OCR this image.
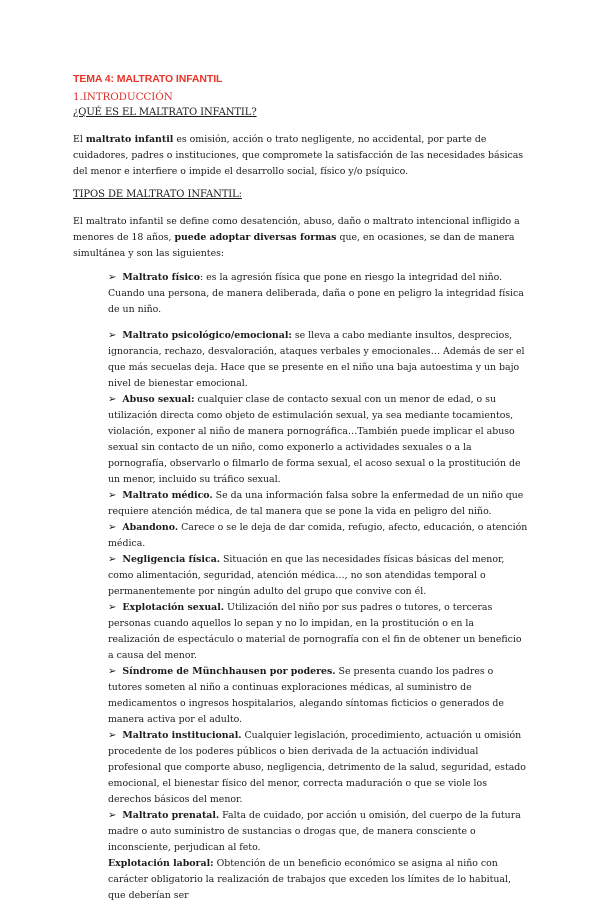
TEMA 4: MALTRATO INFANTIL
1.INTRODUCCIÓN
¿QUÉ ES EL MALTRATO INFANTIL?

El maltrato infantil es omisión, acción o trato negligente, no accidental, por parte de cuidadores, padres o instituciones, que compromete la satisfacción de las necesidades básicas del menor e interfiere o impide el desarrollo social, físico y/o psíquico.

TIPOS DE MALTRATO INFANTIL:

El maltrato infantil se define como desatención, abuso, daño o maltrato intencional infligido a menores de 18 años, puede adoptar diversas formas que, en ocasiones, se dan de manera simultánea y son las siguientes:

➢ Maltrato físico: es la agresión física que pone en riesgo la integridad del niño. Cuando una persona, de manera deliberada, daña o pone en peligro la integridad física de un niño.

➢ Maltrato psicológico/emocional: se lleva a cabo mediante insultos, desprecios, ignorancia, rechazo, desvaloración, ataques verbales y emocionales… Además de ser el que más secuelas deja. Hace que se presente en el niño una baja autoestima y un bajo nivel de bienestar emocional.

➢ Abuso sexual: cualquier clase de contacto sexual con un menor de edad, o su utilización directa como objeto de estimulación sexual, ya sea mediante tocamientos, violación, exponer al niño de manera pornográfica…También puede implicar el abuso sexual sin contacto de un niño, como exponerlo a actividades sexuales o a la pornografía, observarlo o filmarlo de forma sexual, el acoso sexual o la prostitución de un menor, incluido su tráfico sexual.

➢ Maltrato médico. Se da una información falsa sobre la enfermedad de un niño que requiere atención médica, de tal manera que se pone la vida en peligro del niño.

➢ Abandono. Carece o se le deja de dar comida, refugio, afecto, educación, o atención médica.

➢ Negligencia física. Situación en que las necesidades físicas básicas del menor, como alimentación, seguridad, atención médica…, no son atendidas temporal o permanentemente por ningún adulto del grupo que convive con él.

➢ Explotación sexual. Utilización del niño por sus padres o tutores, o terceras personas cuando aquellos lo sepan y no lo impidan, en la prostitución o en la realización de espectáculo o material de pornografía con el fin de obtener un beneficio a causa del menor.

➢ Síndrome de Münchhausen por poderes. Se presenta cuando los padres o tutores someten al niño a continuas exploraciones médicas, al suministro de medicamentos o ingresos hospitalarios, alegando síntomas ficticios o generados de manera activa por el adulto.

➢ Maltrato institucional. Cualquier legislación, procedimiento, actuación u omisión procedente de los poderes públicos o bien derivada de la actuación individual profesional que comporte abuso, negligencia, detrimento de la salud, seguridad, estado emocional, el bienestar físico del menor, correcta maduración o que se viole los derechos básicos del menor.

➢ Maltrato prenatal. Falta de cuidado, por acción u omisión, del cuerpo de la futura madre o auto suministro de sustancias o drogas que, de manera consciente o inconsciente, perjudican al feto.

Explotación laboral: Obtención de un beneficio económico se asigna al niño con carácter obligatorio la realización de trabajos que exceden los límites de lo habitual, que deberían ser
